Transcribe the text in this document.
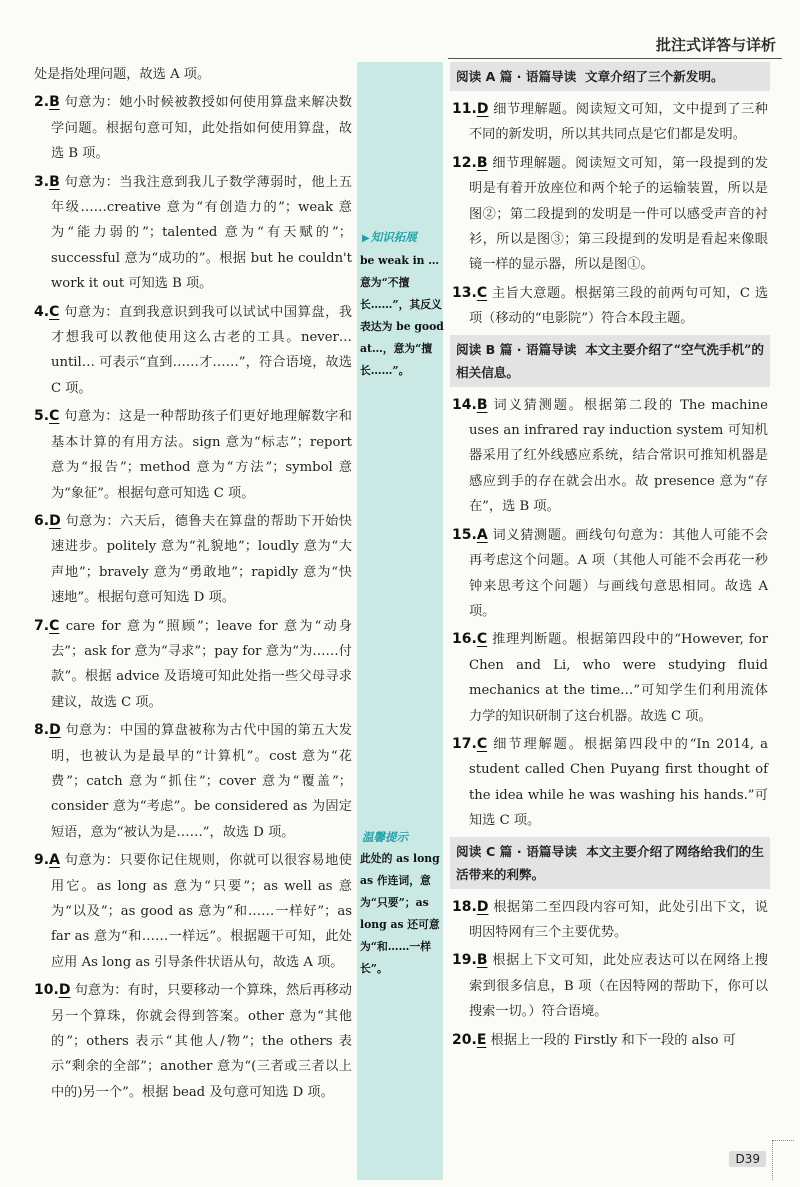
批注式详答与详析
处是指处理问题，故选 A 项。
2.B 句意为：她小时候被教授如何使用算盘来解决数学问题。根据句意可知，此处指如何使用算盘，故选 B 项。
3.B 句意为：当我注意到我儿子数学薄弱时，他上五年级……creative 意为“有创造力的”；weak 意为“能力弱的”；talented 意为“有天赋的”；successful 意为“成功的”。根据 but he couldn't work it out 可知选 B 项。
4.C 句意为：直到我意识到我可以试试中国算盘，我才想我可以教他使用这么古老的工具。never… until… 可表示“直到……才……”，符合语境，故选 C 项。
5.C 句意为：这是一种帮助孩子们更好地理解数字和基本计算的有用方法。sign 意为“标志”；report 意为“报告”；method 意为“方法”；symbol 意为“象征”。根据句意可知选 C 项。
6.D 句意为：六天后，德鲁夫在算盘的帮助下开始快速进步。politely 意为“礼貌地”；loudly 意为“大声地”；bravely 意为“勇敢地”；rapidly 意为“快速地”。根据句意可知选 D 项。
7.C care for 意为“照顾”；leave for 意为“动身去”；ask for 意为“寻求”；pay for 意为“为……付款”。根据 advice 及语境可知此处指一些父母寻求建议，故选 C 项。
8.D 句意为：中国的算盘被称为古代中国的第五大发明，也被认为是最早的“计算机”。cost 意为“花费”；catch 意为“抓住”；cover 意为“覆盖”；consider 意为“考虑”。be considered as 为固定短语，意为“被认为是……”，故选 D 项。
9.A 句意为：只要你记住规则，你就可以很容易地使用它。as long as 意为“只要”；as well as 意为“以及”；as good as 意为“和……一样好”；as far as 意为“和……一样远”。根据题干可知，此处应用 As long as 引导条件状语从句，故选 A 项。
10.D 句意为：有时，只要移动一个算珠，然后再移动另一个算珠，你就会得到答案。other 意为“其他的”；others 表示“其他人/物”；the others 表示“剩余的全部”；another 意为“(三者或三者以上中的)另一个”。根据 bead 及句意可知选 D 项。
▶知识拓展
be weak in … 意为“不擅长……”，其反义表达为 be good at…，意为“擅长……”。
温馨提示
此处的 as long as 作连词，意为“只要”；as long as 还可意为“和……一样长”。
阅读 A 篇 · 语篇导读 文章介绍了三个新发明。
11.D 细节理解题。阅读短文可知，文中提到了三种不同的新发明，所以其共同点是它们都是发明。
12.B 细节理解题。阅读短文可知，第一段提到的发明是有着开放座位和两个轮子的运输装置，所以是图②；第二段提到的发明是一件可以感受声音的衬衫，所以是图③；第三段提到的发明是看起来像眼镜一样的显示器，所以是图①。
13.C 主旨大意题。根据第三段的前两句可知，C 选项（移动的“电影院”）符合本段主题。
阅读 B 篇 · 语篇导读 本文主要介绍了“空气洗手机”的相关信息。
14.B 词义猜测题。根据第二段的 The machine uses an infrared ray induction system 可知机器采用了红外线感应系统，结合常识可推知机器是感应到手的存在就会出水。故 presence 意为“存在”，选 B 项。
15.A 词义猜测题。画线句句意为：其他人可能不会再考虑这个问题。A 项（其他人可能不会再花一秒钟来思考这个问题）与画线句意思相同。故选 A 项。
16.C 推理判断题。根据第四段中的“However, for Chen and Li, who were studying fluid mechanics at the time…”可知学生们利用流体力学的知识研制了这台机器。故选 C 项。
17.C 细节理解题。根据第四段中的“In 2014, a student called Chen Puyang first thought of the idea while he was washing his hands.”可知选 C 项。
阅读 C 篇 · 语篇导读 本文主要介绍了网络给我们的生活带来的利弊。
18.D 根据第二至四段内容可知，此处引出下文，说明因特网有三个主要优势。
19.B 根据上下文可知，此处应表达可以在网络上搜索到很多信息，B 项（在因特网的帮助下，你可以搜索一切。）符合语境。
20.E 根据上一段的 Firstly 和下一段的 also 可
D39
